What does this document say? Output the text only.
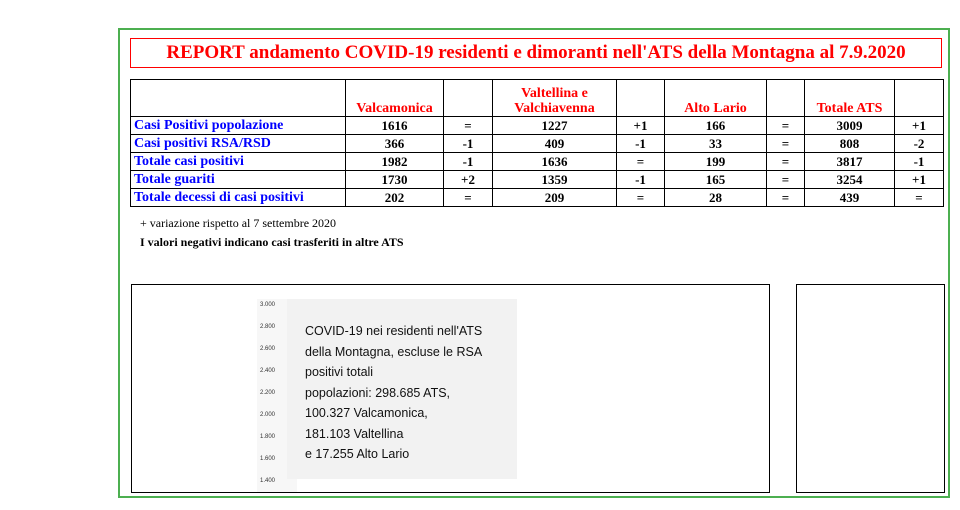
REPORT andamento COVID-19 residenti e dimoranti nell'ATS della Montagna al 7.9.2020
	Valcamonica		Valtellina e Valchiavenna		Alto Lario		Totale ATS	
Casi Positivi popolazione	1616	=	1227	+1	166	=	3009	+1
Casi positivi RSA/RSD	366	-1	409	-1	33	=	808	-2
Totale casi positivi	1982	-1	1636	=	199	=	3817	-1
Totale guariti	1730	+2	1359	-1	165	=	3254	+1
Totale decessi di casi positivi	202	=	209	=	28	=	439	=
+ variazione rispetto al 7 settembre 2020
I valori negativi indicano casi trasferiti in altre ATS
3.000
2.800
2.600
2.400
2.200
2.000
1.800
1.600
1.400
COVID-19 nei residenti nell'ATS
della Montagna, escluse le RSA
positivi totali
popolazioni: 298.685 ATS,
100.327 Valcamonica,
181.103 Valtellina
e 17.255 Alto Lario
